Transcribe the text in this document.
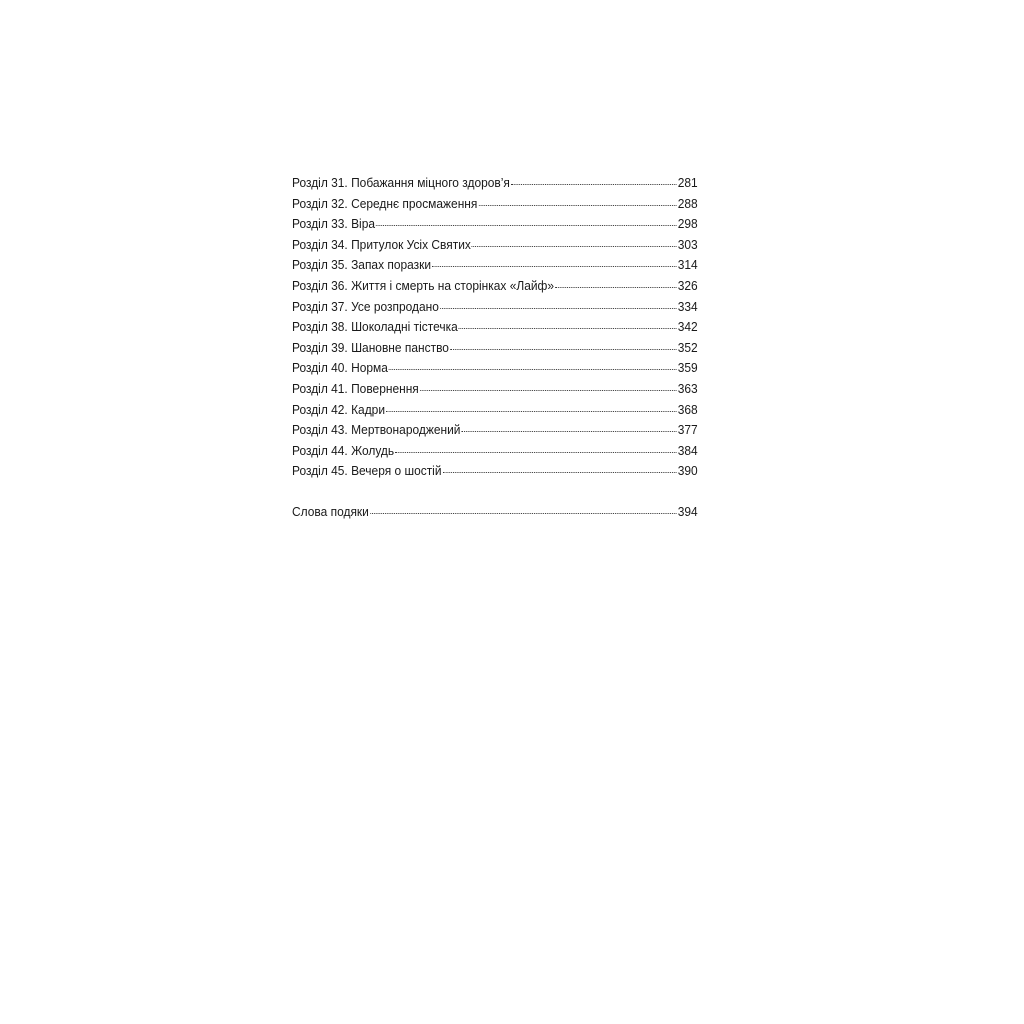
Розділ 31. Побажання міцного здоров’я	281
Розділ 32. Середнє просмаження	288
Розділ 33. Віра	298
Розділ 34. Притулок Усіх Святих	303
Розділ 35. Запах поразки	314
Розділ 36. Життя і смерть на сторінках «Лайф»	326
Розділ 37. Усе розпродано	334
Розділ 38. Шоколадні тістечка	342
Розділ 39. Шановне панство	352
Розділ 40. Норма	359
Розділ 41. Повернення	363
Розділ 42. Кадри	368
Розділ 43. Мертвонароджений	377
Розділ 44. Жолудь	384
Розділ 45. Вечеря о шостій	390
Слова подяки	394
